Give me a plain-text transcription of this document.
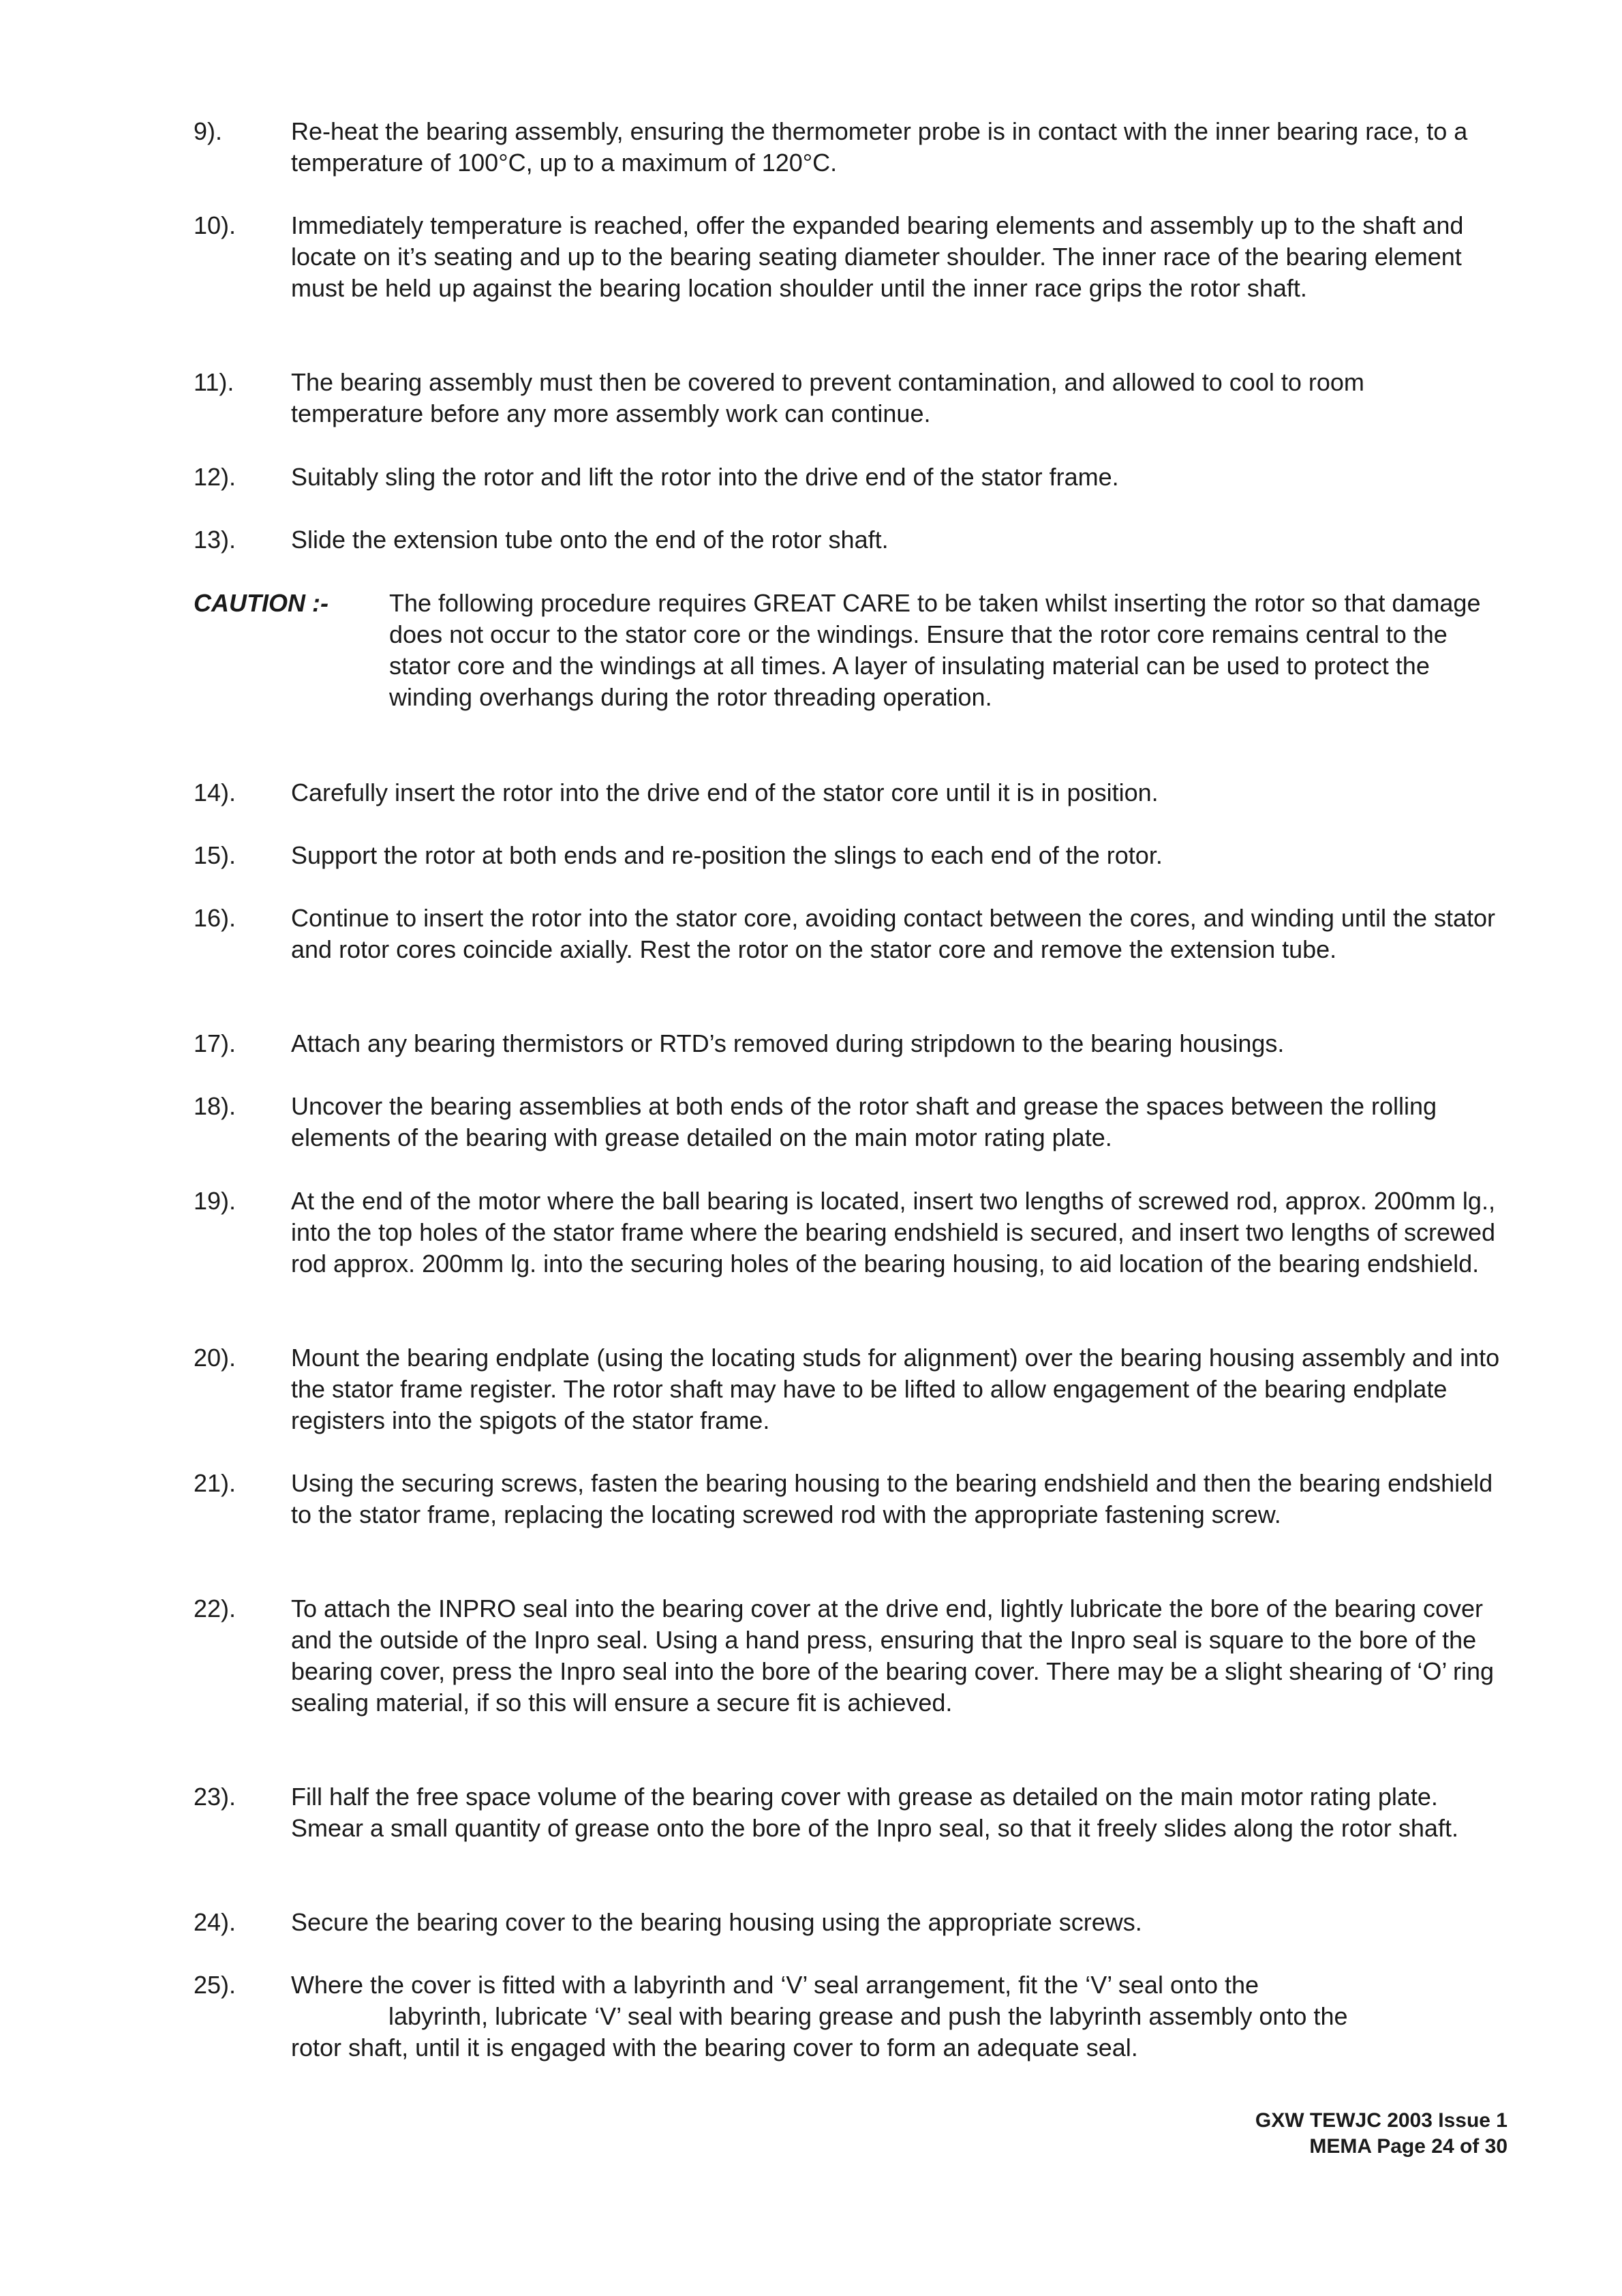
9).	Re-heat the bearing assembly, ensuring the thermometer probe is in contact with the inner bearing race, to a temperature of 100°C, up to a maximum of 120°C.
10).	Immediately temperature is reached, offer the expanded bearing elements and assembly up to the shaft and locate on it’s seating and up to the bearing seating diameter shoulder. The inner race of the bearing element must be held up against the bearing location shoulder until the inner race grips the rotor shaft.
11).	The bearing assembly must then be covered to prevent contamination, and allowed to cool to room temperature before any more assembly work can continue.
12).	Suitably sling the rotor and lift the rotor into the drive end of the stator frame.
13).	Slide the extension tube onto the end of the rotor shaft.
CAUTION :- The following procedure requires GREAT CARE to be taken whilst inserting the rotor so that damage does not occur to the stator core or the windings. Ensure that the rotor core remains central to the stator core and the windings at all times. A layer of insulating material can be used to protect the winding overhangs during the rotor threading operation.
14).	Carefully insert the rotor into the drive end of the stator core until it is in position.
15).	Support the rotor at both ends and re-position the slings to each end of the rotor.
16).	Continue to insert the rotor into the stator core, avoiding contact between the cores, and winding until the stator and rotor cores coincide axially. Rest the rotor on the stator core and remove the extension tube.
17).	Attach any bearing thermistors or RTD’s removed during stripdown to the bearing housings.
18).	Uncover the bearing assemblies at both ends of the rotor shaft and grease the spaces between the rolling elements of the bearing with grease detailed on the main motor rating plate.
19).	At the end of the motor where the ball bearing is located, insert two lengths of screwed rod, approx. 200mm lg., into the top holes of the stator frame where the bearing endshield is secured, and insert two lengths of screwed rod approx. 200mm lg. into the securing holes of the bearing housing, to aid location of the bearing endshield.
20).	Mount the bearing endplate (using the locating studs for alignment) over the bearing housing assembly and into the stator frame register. The rotor shaft may have to be lifted to allow engagement of the bearing endplate registers into the spigots of the stator frame.
21).	Using the securing screws, fasten the bearing housing to the bearing endshield and then the bearing endshield to the stator frame, replacing the locating screwed rod with the appropriate fastening screw.
22).	To attach the INPRO seal into the bearing cover at the drive end, lightly lubricate the bore of the bearing cover and the outside of the Inpro seal. Using a hand press, ensuring that the Inpro seal is square to the bore of the bearing cover, press the Inpro seal into the bore of the bearing cover. There may be a slight shearing of ‘O’ ring sealing material, if so this will ensure a secure fit is achieved.
23).	Fill half the free space volume of the bearing cover with grease as detailed on the main motor rating plate. Smear a small quantity of grease onto the bore of the Inpro seal, so that it freely slides along the rotor shaft.
24).	Secure the bearing cover to the bearing housing using the appropriate screws.
25).	Where the cover is fitted with a labyrinth and ‘V’ seal arrangement, fit the ‘V’ seal onto the
labyrinth, lubricate ‘V’ seal with bearing grease and push the labyrinth assembly onto the
rotor shaft, until it is engaged with the bearing cover to form an adequate seal.
GXW TEWJC 2003 Issue 1
MEMA Page 24 of 30
